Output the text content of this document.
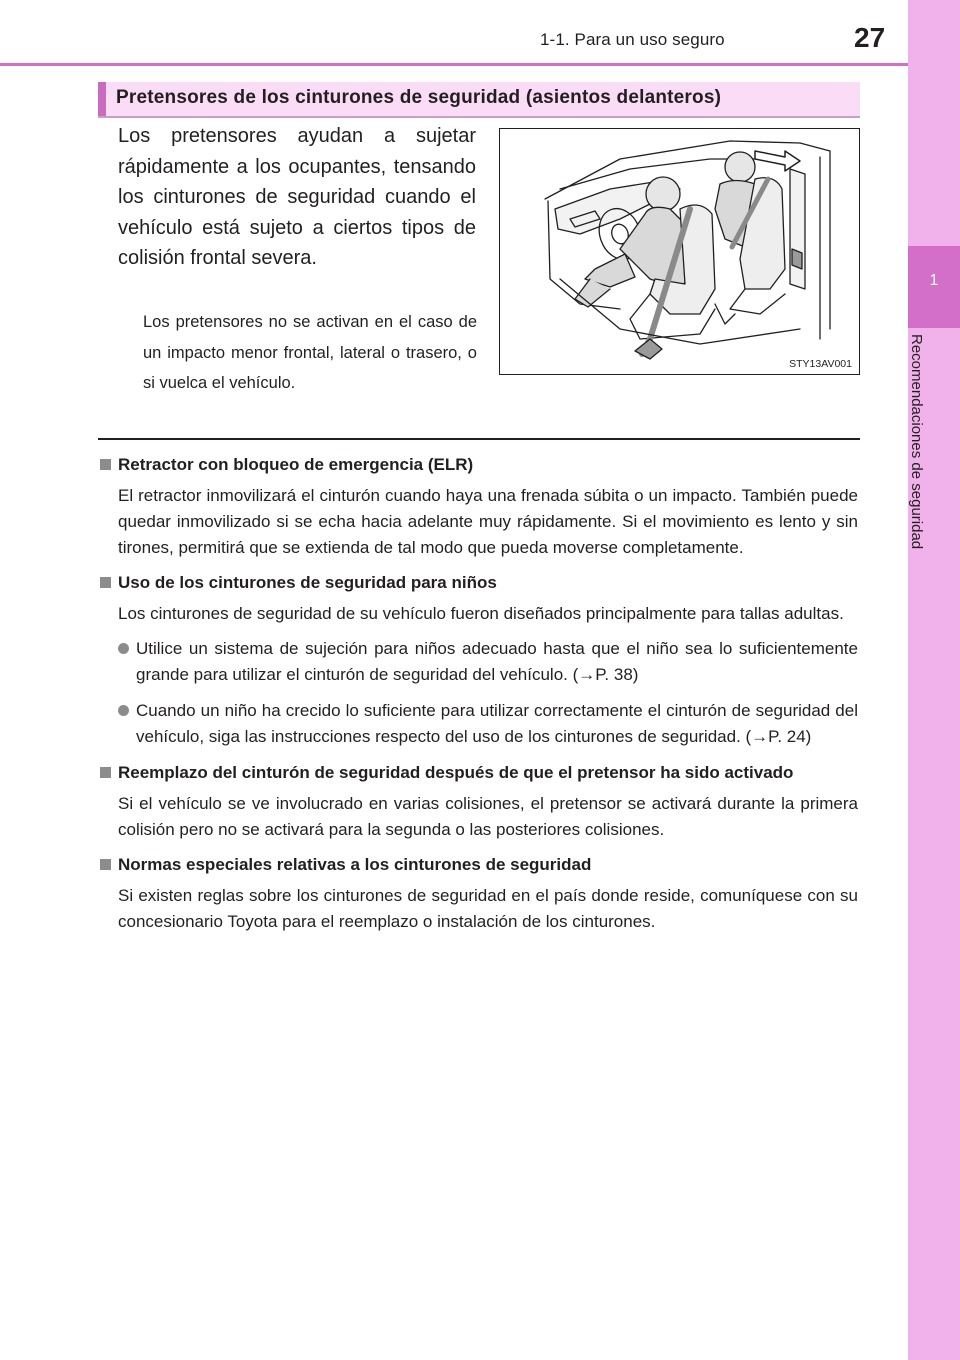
1
Recomendaciones de seguridad
1-1. Para un uso seguro	27
Pretensores de los cinturones de seguridad (asientos delanteros)

Los pretensores ayudan a sujetar rápidamente a los ocupantes, tensando los cinturones de seguridad cuando el vehículo está sujeto a ciertos tipos de colisión frontal severa.

Los pretensores no se activan en el caso de un impacto menor frontal, lateral o trasero, o si vuelca el vehículo.

STY13AV001
Retractor con bloqueo de emergencia (ELR)

El retractor inmovilizará el cinturón cuando haya una frenada súbita o un impacto. También puede quedar inmovilizado si se echa hacia adelante muy rápidamente. Si el movimiento es lento y sin tirones, permitirá que se extienda de tal modo que pueda moverse completamente.

Uso de los cinturones de seguridad para niños

Los cinturones de seguridad de su vehículo fueron diseñados principalmente para tallas adultas.

Utilice un sistema de sujeción para niños adecuado hasta que el niño sea lo suficientemente grande para utilizar el cinturón de seguridad del vehículo. (→P. 38)
Cuando un niño ha crecido lo suficiente para utilizar correctamente el cinturón de seguridad del vehículo, siga las instrucciones respecto del uso de los cinturones de seguridad. (→P. 24)
Reemplazo del cinturón de seguridad después de que el pretensor ha sido activado

Si el vehículo se ve involucrado en varias colisiones, el pretensor se activará durante la primera colisión pero no se activará para la segunda o las posteriores colisiones.

Normas especiales relativas a los cinturones de seguridad

Si existen reglas sobre los cinturones de seguridad en el país donde reside, comuníquese con su concesionario Toyota para el reemplazo o instalación de los cinturones.
